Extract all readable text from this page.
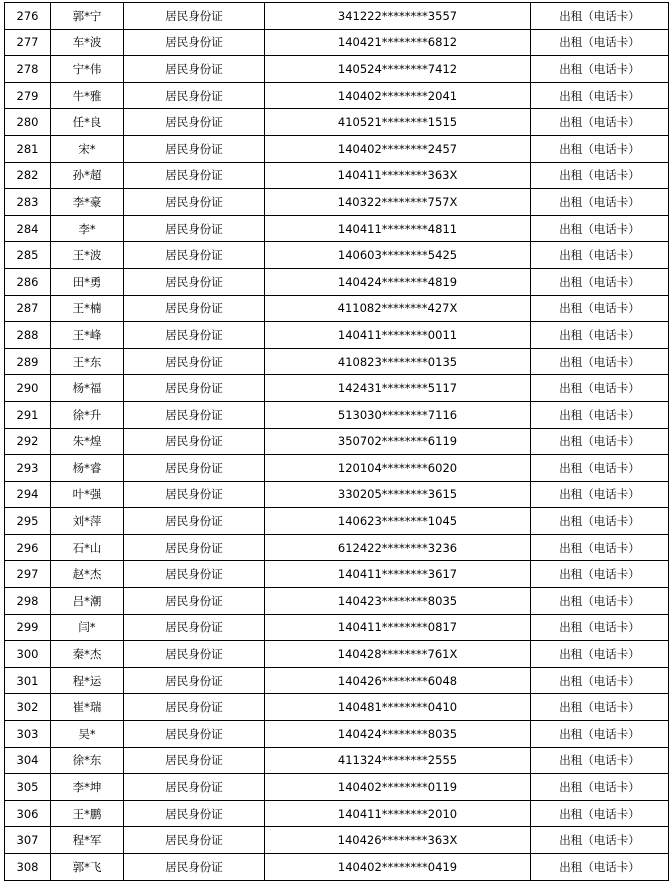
276	郭*宁	居民身份证	341222********3557	出租（电话卡）
277	车*波	居民身份证	140421********6812	出租（电话卡）
278	宁*伟	居民身份证	140524********7412	出租（电话卡）
279	牛*雅	居民身份证	140402********2041	出租（电话卡）
280	任*良	居民身份证	410521********1515	出租（电话卡）
281	宋*	居民身份证	140402********2457	出租（电话卡）
282	孙*超	居民身份证	140411********363X	出租（电话卡）
283	李*豪	居民身份证	140322********757X	出租（电话卡）
284	李*	居民身份证	140411********4811	出租（电话卡）
285	王*波	居民身份证	140603********5425	出租（电话卡）
286	田*勇	居民身份证	140424********4819	出租（电话卡）
287	王*楠	居民身份证	411082********427X	出租（电话卡）
288	王*峰	居民身份证	140411********0011	出租（电话卡）
289	王*东	居民身份证	410823********0135	出租（电话卡）
290	杨*福	居民身份证	142431********5117	出租（电话卡）
291	徐*升	居民身份证	513030********7116	出租（电话卡）
292	朱*煌	居民身份证	350702********6119	出租（电话卡）
293	杨*睿	居民身份证	120104********6020	出租（电话卡）
294	叶*强	居民身份证	330205********3615	出租（电话卡）
295	刘*萍	居民身份证	140623********1045	出租（电话卡）
296	石*山	居民身份证	612422********3236	出租（电话卡）
297	赵*杰	居民身份证	140411********3617	出租（电话卡）
298	吕*潮	居民身份证	140423********8035	出租（电话卡）
299	闫*	居民身份证	140411********0817	出租（电话卡）
300	秦*杰	居民身份证	140428********761X	出租（电话卡）
301	程*运	居民身份证	140426********6048	出租（电话卡）
302	崔*瑞	居民身份证	140481********0410	出租（电话卡）
303	吴*	居民身份证	140424********8035	出租（电话卡）
304	徐*东	居民身份证	411324********2555	出租（电话卡）
305	李*坤	居民身份证	140402********0119	出租（电话卡）
306	王*鹏	居民身份证	140411********2010	出租（电话卡）
307	程*军	居民身份证	140426********363X	出租（电话卡）
308	郭*飞	居民身份证	140402********0419	出租（电话卡）
